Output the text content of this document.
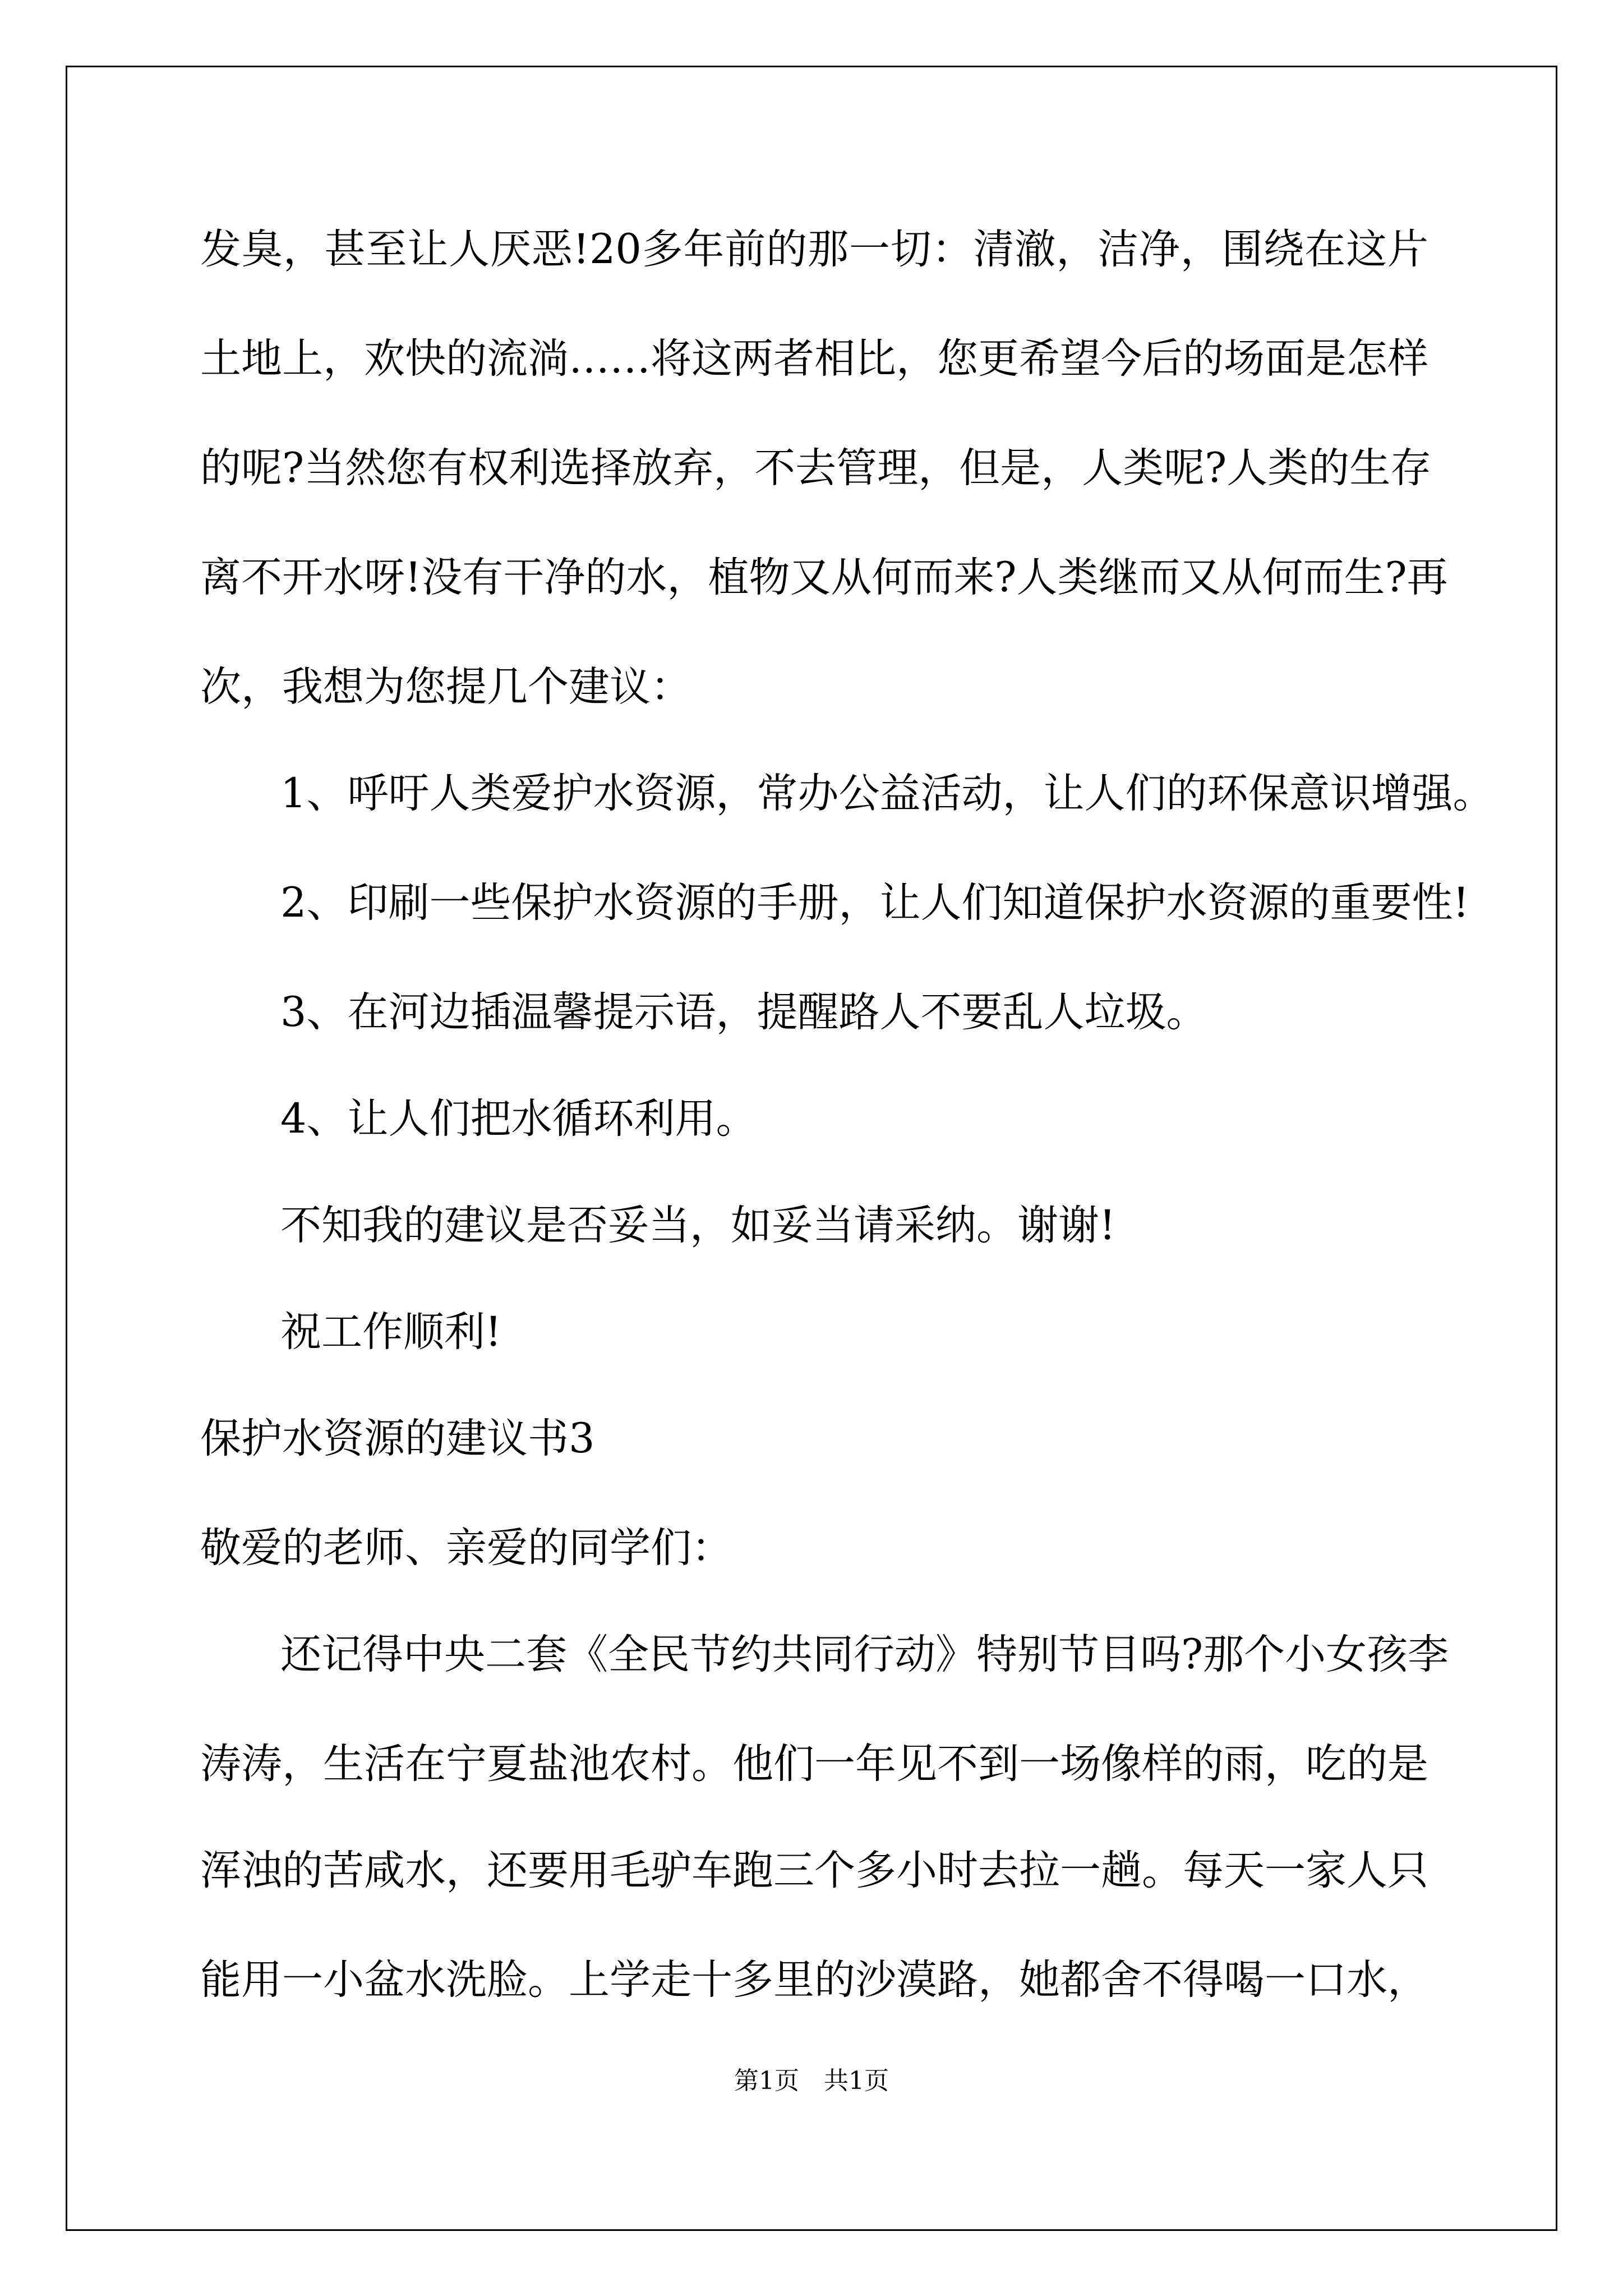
发臭，甚至让人厌恶!20多年前的那一切：清澈，洁净，围绕在这片
土地上，欢快的流淌……将这两者相比，您更希望今后的场面是怎样
的呢?当然您有权利选择放弃，不去管理，但是，人类呢?人类的生存
离不开水呀!没有干净的水，植物又从何而来?人类继而又从何而生?再
次，我想为您提几个建议：
1、呼吁人类爱护水资源，常办公益活动，让人们的环保意识增强。
2、印刷一些保护水资源的手册，让人们知道保护水资源的重要性!
3、在河边插温馨提示语，提醒路人不要乱人垃圾。
4、让人们把水循环利用。
不知我的建议是否妥当，如妥当请采纳。谢谢!
祝工作顺利!
保护水资源的建议书3
敬爱的老师、亲爱的同学们：
还记得中央二套《全民节约共同行动》特别节目吗?那个小女孩李
涛涛，生活在宁夏盐池农村。他们一年见不到一场像样的雨，吃的是
浑浊的苦咸水，还要用毛驴车跑三个多小时去拉一趟。每天一家人只
能用一小盆水洗脸。上学走十多里的沙漠路，她都舍不得喝一口水，
第1页　共1页
